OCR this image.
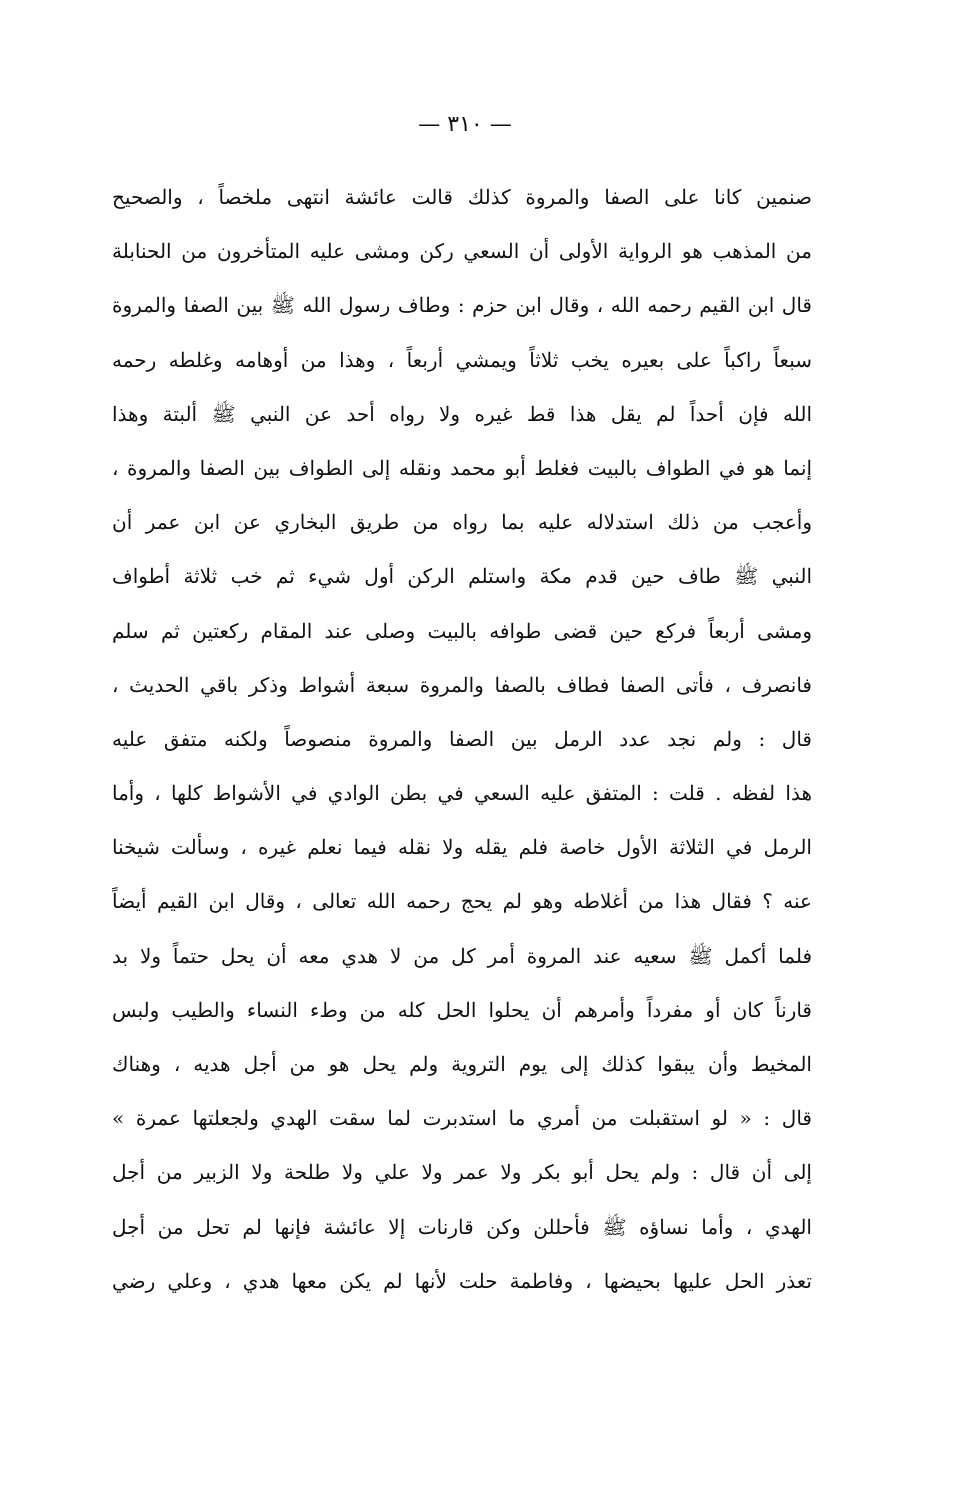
— ٣١٠ —
صنمين كانا على الصفا والمروة كذلك قالت عائشة انتهى ملخصاً ، والصحيح
من المذهب هو الرواية الأولى أن السعي ركن ومشى عليه المتأخرون من الحنابلة
قال ابن القيم رحمه الله ، وقال ابن حزم : وطاف رسول الله ﷺ بين الصفا والمروة
سبعاً راكباً على بعيره يخب ثلاثاً ويمشي أربعاً ، وهذا من أوهامه وغلطه رحمه
الله فإن أحداً لم يقل هذا قط غيره ولا رواه أحد عن النبي ﷺ ألبتة وهذا
إنما هو في الطواف بالبيت فغلط أبو محمد ونقله إلى الطواف بين الصفا والمروة ،
وأعجب من ذلك استدلاله عليه بما رواه من طريق البخاري عن ابن عمر أن
النبي ﷺ طاف حين قدم مكة واستلم الركن أول شيء ثم خب ثلاثة أطواف
ومشى أربعاً فركع حين قضى طوافه بالبيت وصلى عند المقام ركعتين ثم سلم
فانصرف ، فأتى الصفا فطاف بالصفا والمروة سبعة أشواط وذكر باقي الحديث ،
قال : ولم نجد عدد الرمل بين الصفا والمروة منصوصاً ولكنه متفق عليه
هذا لفظه . قلت : المتفق عليه السعي في بطن الوادي في الأشواط كلها ، وأما
الرمل في الثلاثة الأول خاصة فلم يقله ولا نقله فيما نعلم غيره ، وسألت شيخنا
عنه ؟ فقال هذا من أغلاطه وهو لم يحج رحمه الله تعالى ، وقال ابن القيم أيضاً
فلما أكمل ﷺ سعيه عند المروة أمر كل من لا هدي معه أن يحل حتماً ولا بد
قارناً كان أو مفرداً وأمرهم أن يحلوا الحل كله من وطء النساء والطيب ولبس
المخيط وأن يبقوا كذلك إلى يوم التروية ولم يحل هو من أجل هديه ، وهناك
قال : « لو استقبلت من أمري ما استدبرت لما سقت الهدي ولجعلتها عمرة »
إلى أن قال : ولم يحل أبو بكر ولا عمر ولا علي ولا طلحة ولا الزبير من أجل
الهدي ، وأما نساؤه ﷺ فأحللن وكن قارنات إلا عائشة فإنها لم تحل من أجل
تعذر الحل عليها بحيضها ، وفاطمة حلت لأنها لم يكن معها هدي ، وعلي رضي
